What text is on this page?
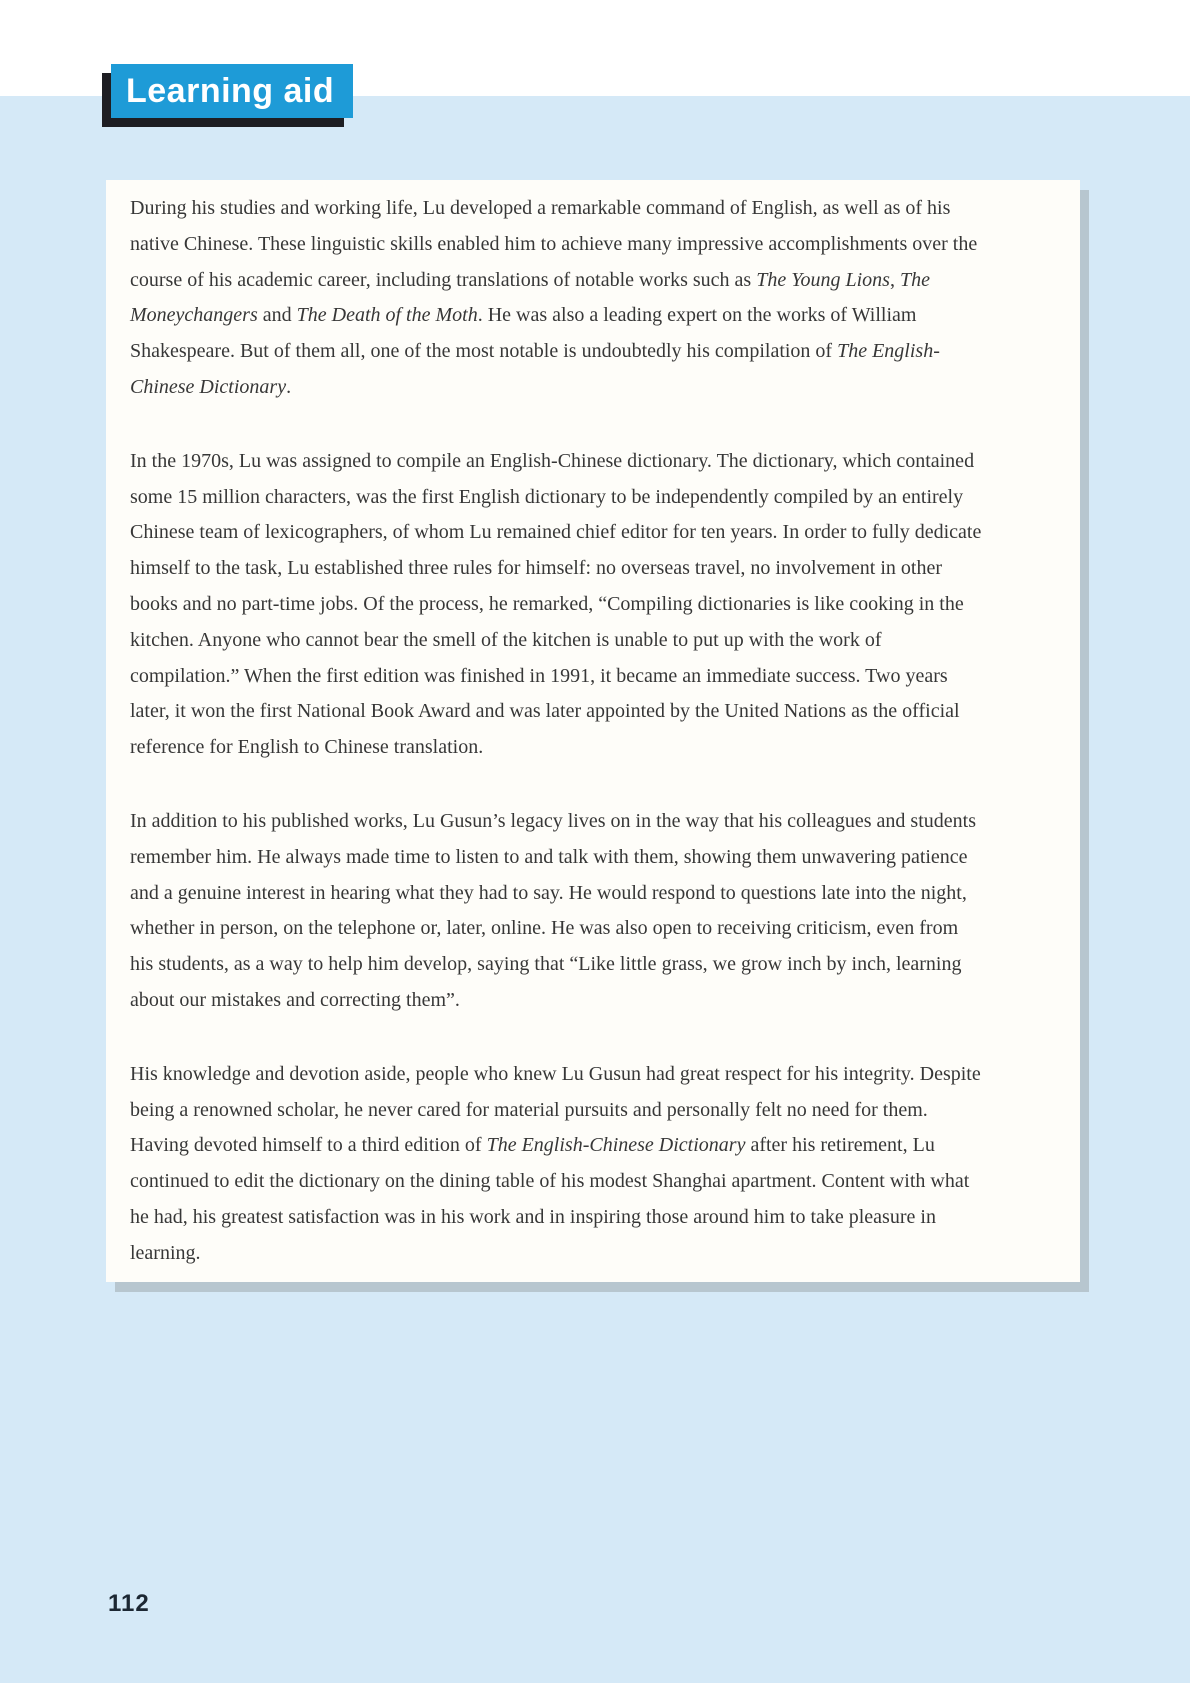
Learning aid

During his studies and working life, Lu developed a remarkable command of English, as well as of his native Chinese. These linguistic skills enabled him to achieve many impressive accomplishments over the course of his academic career, including translations of notable works such as The Young Lions, The Moneychangers and The Death of the Moth. He was also a leading expert on the works of William Shakespeare. But of them all, one of the most notable is undoubtedly his compilation of The English-Chinese Dictionary.

In the 1970s, Lu was assigned to compile an English-Chinese dictionary. The dictionary, which contained some 15 million characters, was the first English dictionary to be independently compiled by an entirely Chinese team of lexicographers, of whom Lu remained chief editor for ten years. In order to fully dedicate himself to the task, Lu established three rules for himself: no overseas travel, no involvement in other books and no part-time jobs. Of the process, he remarked, “Compiling dictionaries is like cooking in the kitchen. Anyone who cannot bear the smell of the kitchen is unable to put up with the work of compilation.” When the first edition was finished in 1991, it became an immediate success. Two years later, it won the first National Book Award and was later appointed by the United Nations as the official reference for English to Chinese translation.

In addition to his published works, Lu Gusun’s legacy lives on in the way that his colleagues and students remember him. He always made time to listen to and talk with them, showing them unwavering patience and a genuine interest in hearing what they had to say. He would respond to questions late into the night, whether in person, on the telephone or, later, online. He was also open to receiving criticism, even from his students, as a way to help him develop, saying that “Like little grass, we grow inch by inch, learning about our mistakes and correcting them”.

His knowledge and devotion aside, people who knew Lu Gusun had great respect for his integrity. Despite being a renowned scholar, he never cared for material pursuits and personally felt no need for them. Having devoted himself to a third edition of The English-Chinese Dictionary after his retirement, Lu continued to edit the dictionary on the dining table of his modest Shanghai apartment. Content with what he had, his greatest satisfaction was in his work and in inspiring those around him to take pleasure in learning.

112
